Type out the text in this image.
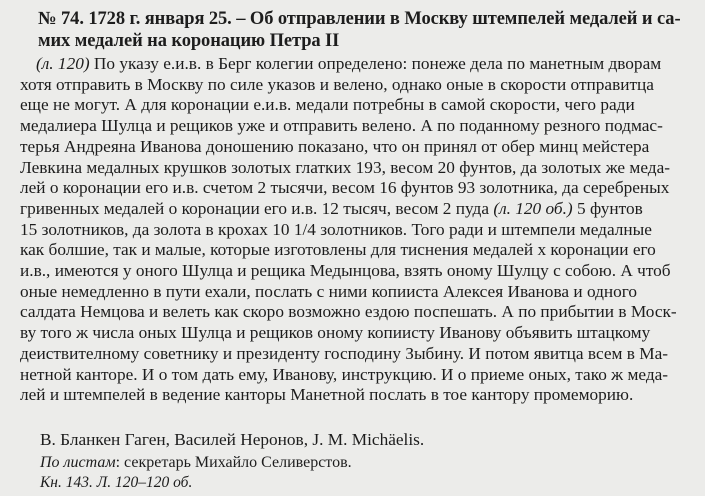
№ 74. 1728 г. января 25. – Об отправлении в Москву штемпелей медалей и са-
мих медалей на коронацию Петра II
(л. 120) По указу е.и.в. в Берг колегии определено: понеже дела по манетным дворам
хотя отправить в Москву по силе указов и велено, однако оные в скорости отправитца
еще не могут. А для коронации е.и.в. медали потребны в самой скорости, чего ради
медалиера Шулца и рещиков уже и отправить велено. А по поданному резного подмас-
терья Андреяна Иванова доношению показано, что он принял от обер минц мейстера
Левкина медалных крушков золотых глатких 193, весом 20 фунтов, да золотых же медa-
лей о коронации его и.в. счетом 2 тысячи, весом 16 фунтов 93 золотника, да серебреных
гривенных медалей о коронации его и.в. 12 тысяч, весом 2 пуда (л. 120 об.) 5 фунтов
15 золотников, да золота в крохах 10 1/4 золотников. Того ради и штемпели медалные
как болшие, так и малые, которые изготовлены для тиснения медалей х коронации его
и.в., имеются у оного Шулца и рещика Медынцова, взять оному Шулцу с собою. А чтоб
оные немедленно в пути ехали, послать с ними копииста Алексея Иванова и одного
салдата Немцова и велеть как скоро возможно ездою поспешать. А по прибытии в Моск-
ву того ж числа оных Шулца и рещиков оному копиисту Иванову объявить штацкому
деиствителному советнику и президенту господину Зыбину. И потом явитца всем в Ма-
нетной канторе. И о том дать ему, Иванову, инструкцию. И о приеме оных, тако ж медa-
лей и штемпелей в ведение канторы Манетной послать в тое кантору промеморию.
В. Бланкен Гаген, Василей Неронов, J. M. Michäelis.
По листам: секретарь Михайло Селиверстов.
Кн. 143. Л. 120–120 об.
